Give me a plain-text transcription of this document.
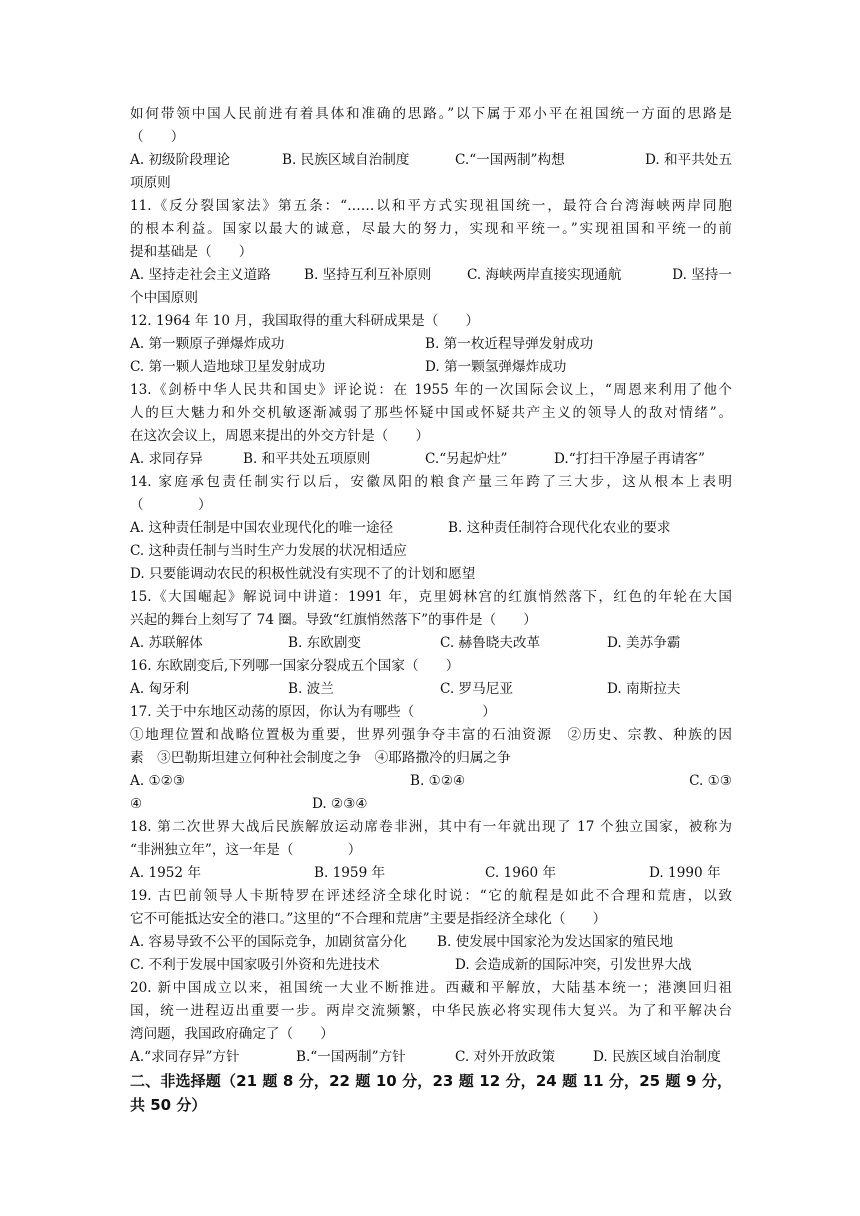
如何带领中国人民前进有着具体和准确的思路。”以下属于邓小平在祖国统一方面的思路是
（　　）
A. 初级阶段理论	B. 民族区域自治制度	C.“一国两制”构想	D. 和平共处五
项原则
11.《反分裂国家法》第五条：“……以和平方式实现祖国统一，最符合台湾海峡两岸同胞
的根本利益。国家以最大的诚意，尽最大的努力，实现和平统一。”实现祖国和平统一的前
提和基础是（　　）
A. 坚持走社会主义道路	B. 坚持互利互补原则	C. 海峡两岸直接实现通航	D. 坚持一
个中国原则
12. 1964 年 10 月，我国取得的重大科研成果是（　　）
A. 第一颗原子弹爆炸成功	B. 第一枚近程导弹发射成功
C. 第一颗人造地球卫星发射成功	D. 第一颗氢弹爆炸成功
13.《剑桥中华人民共和国史》评论说：在 1955 年的一次国际会议上，“周恩来利用了他个
人的巨大魅力和外交机敏逐渐减弱了那些怀疑中国或怀疑共产主义的领导人的敌对情绪”。
在这次会议上，周恩来提出的外交方针是（　　）
A. 求同存异	B. 和平共处五项原则	C.“另起炉灶”	D.“打扫干净屋子再请客”
14. 家庭承包责任制实行以后，安徽凤阳的粮食产量三年跨了三大步，这从根本上表明
（　　　　）
A. 这种责任制是中国农业现代化的唯一途径	B. 这种责任制符合现代化农业的要求
C. 这种责任制与当时生产力发展的状况相适应
D. 只要能调动农民的积极性就没有实现不了的计划和愿望
15.《大国崛起》解说词中讲道：1991 年，克里姆林宫的红旗悄然落下，红色的年轮在大国
兴起的舞台上刻写了 74 圈。导致“红旗悄然落下”的事件是（　　）
A. 苏联解体	B. 东欧剧变	C. 赫鲁晓夫改革	D. 美苏争霸
16. 东欧剧变后,下列哪一国家分裂成五个国家（　　）
A. 匈牙利	B. 波兰	C. 罗马尼亚	D. 南斯拉夫
17. 关于中东地区动荡的原因，你认为有哪些（　　　　　）
①地理位置和战略位置极为重要，世界列强争夺丰富的石油资源　②历史、宗教、种族的因
素　③巴勒斯坦建立何种社会制度之争　④耶路撒冷的归属之争
A. ①②③	B. ①②④	C. ①③
④	D. ②③④
18. 第二次世界大战后民族解放运动席卷非洲，其中有一年就出现了 17 个独立国家，被称为
“非洲独立年”，这一年是（　　　　）
A. 1952 年	B. 1959 年	C. 1960 年	D. 1990 年
19. 古巴前领导人卡斯特罗在评述经济全球化时说：“它的航程是如此不合理和荒唐，以致
它不可能抵达安全的港口。”这里的“不合理和荒唐”主要是指经济全球化（　　）
A. 容易导致不公平的国际竞争，加剧贫富分化	B. 使发展中国家沦为发达国家的殖民地
C. 不利于发展中国家吸引外资和先进技术	D. 会造成新的国际冲突，引发世界大战
20. 新中国成立以来，祖国统一大业不断推进。西藏和平解放，大陆基本统一；港澳回归祖
国，统一进程迈出重要一步。两岸交流频繁，中华民族必将实现伟大复兴。为了和平解决台
湾问题，我国政府确定了（　　）
A.“求同存异”方针	B.“一国两制”方针	C. 对外开放政策	D. 民族区域自治制度
二、非选择题（21 题 8 分，22 题 10 分，23 题 12 分，24 题 11 分，25 题 9 分，
共 50 分）
